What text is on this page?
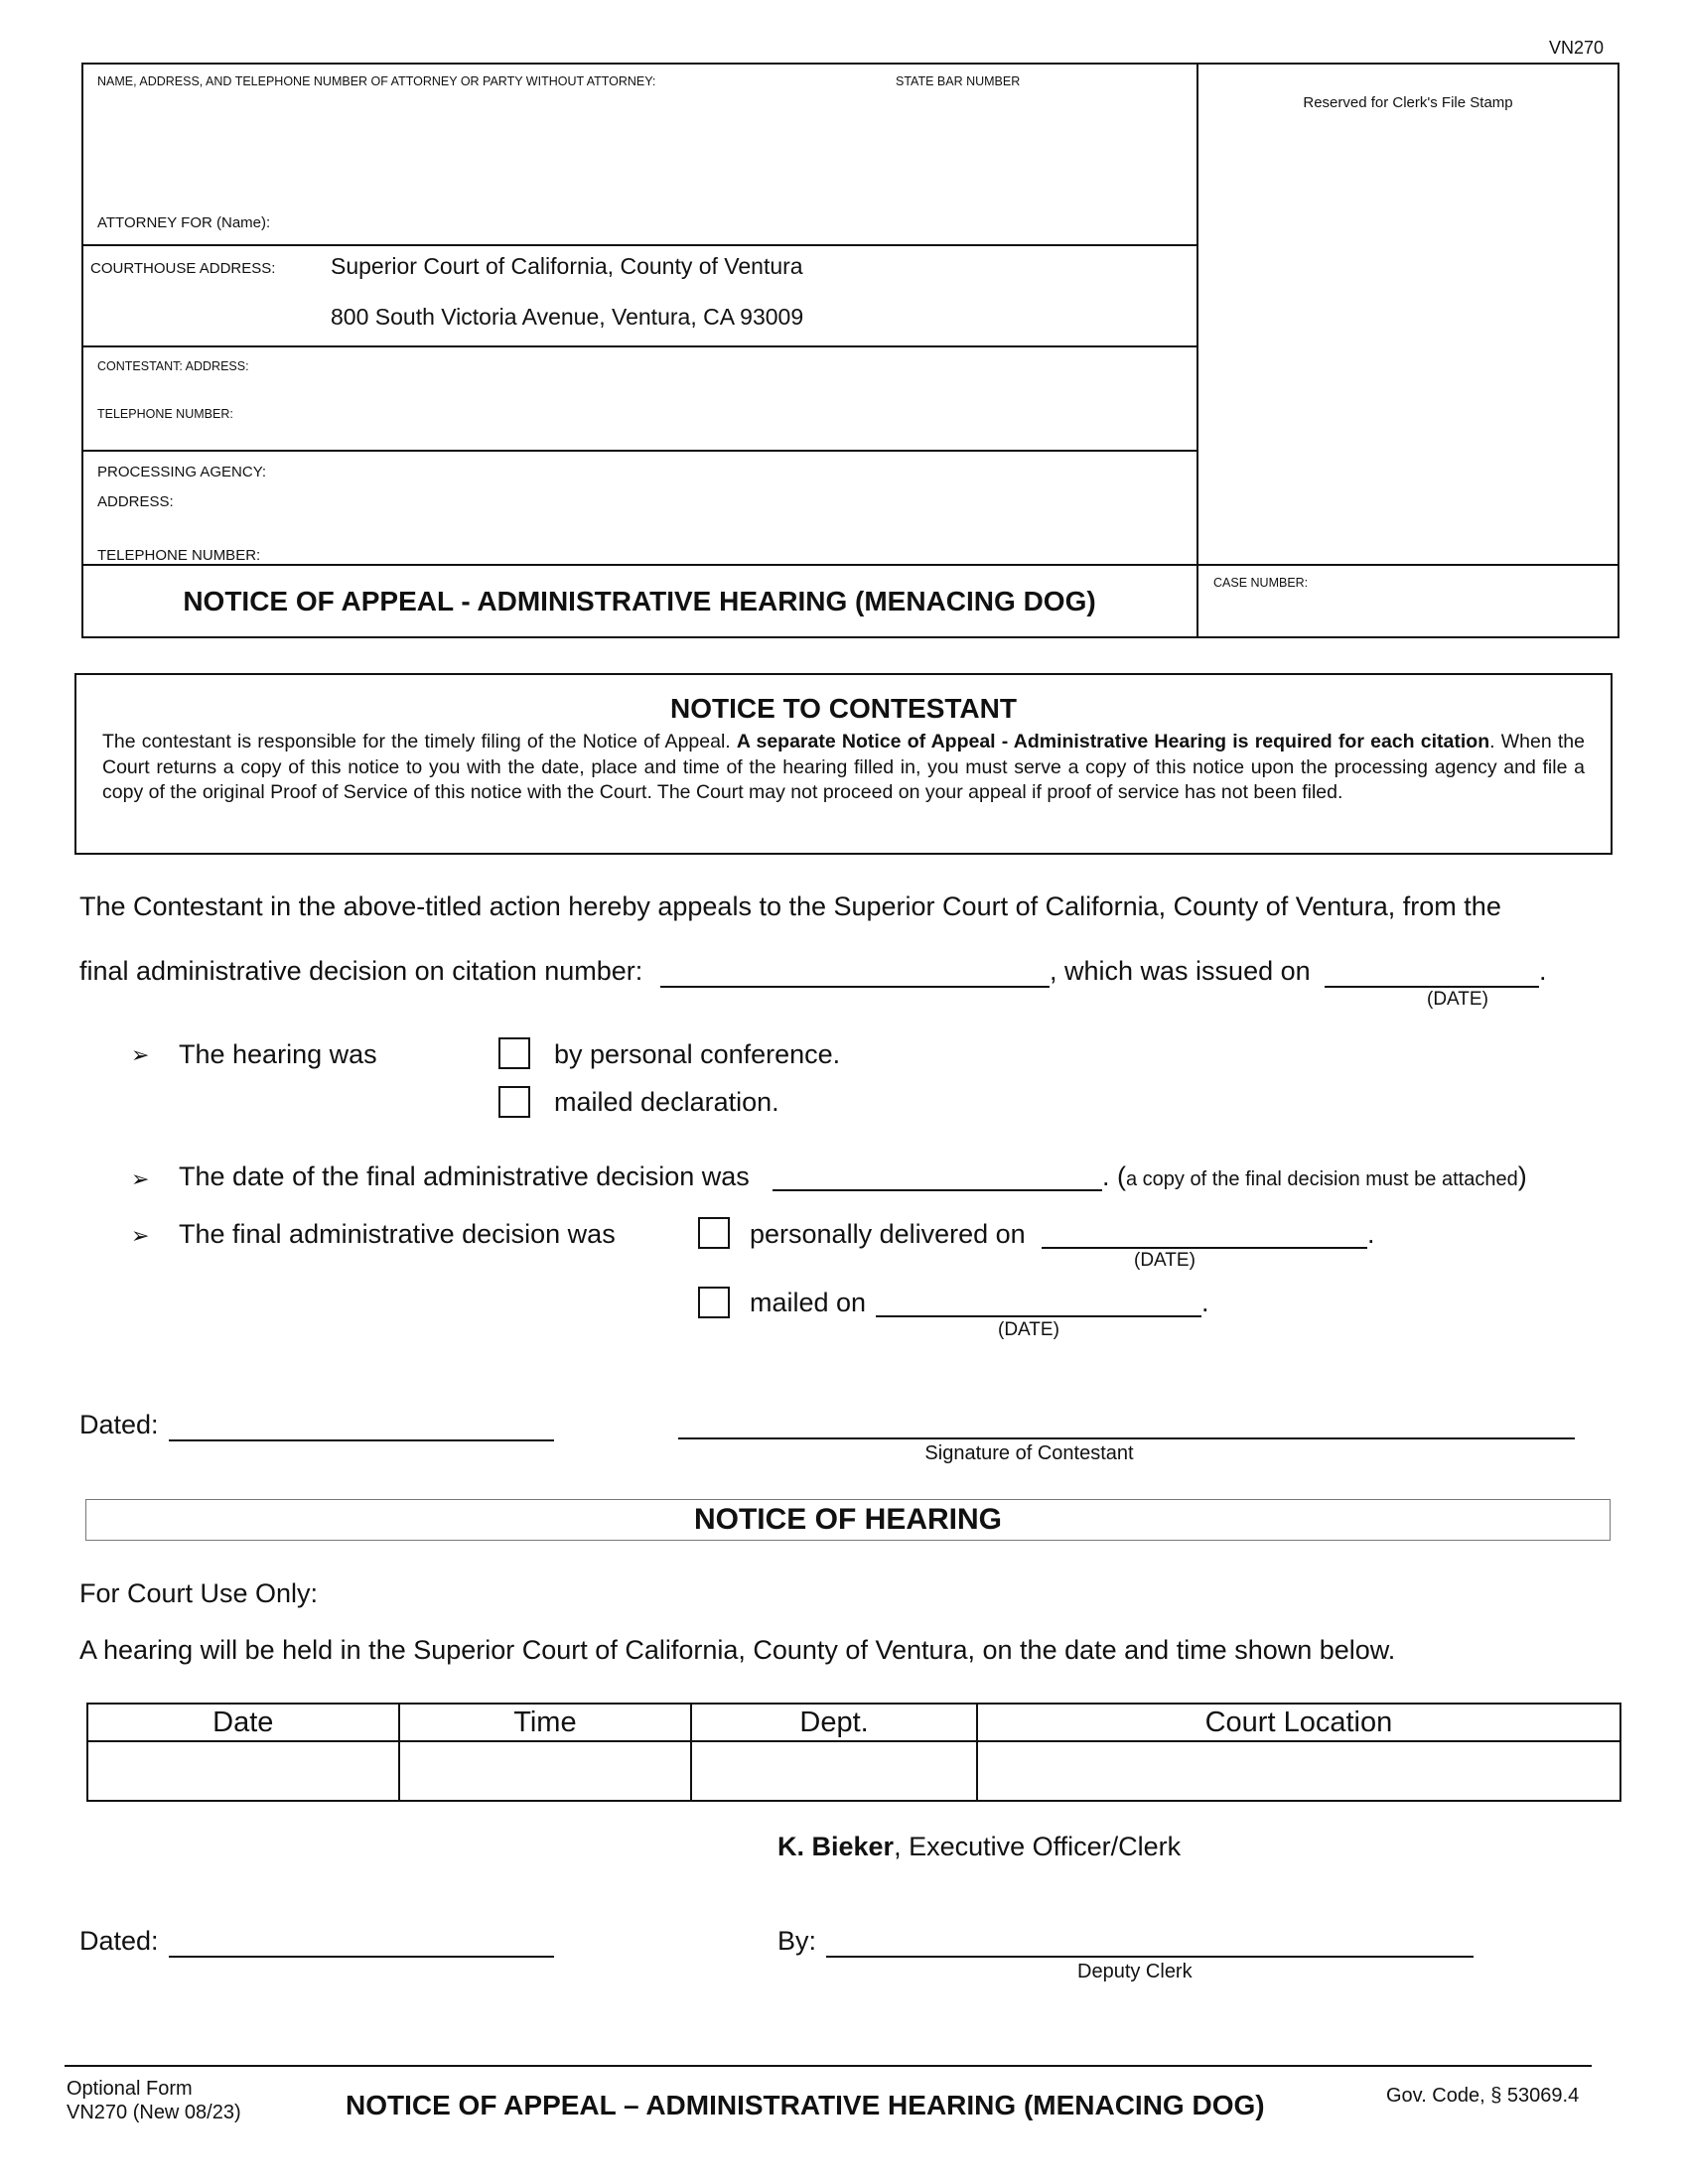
VN270
NAME, ADDRESS, AND TELEPHONE NUMBER OF ATTORNEY OR PARTY WITHOUT ATTORNEY:	STATE BAR NUMBER
Reserved for Clerk's File Stamp
ATTORNEY FOR (Name):
COURTHOUSE ADDRESS: Superior Court of California, County of Ventura
800 South Victoria Avenue, Ventura, CA 93009
CONTESTANT: ADDRESS:
TELEPHONE NUMBER:
PROCESSING AGENCY:
ADDRESS:
TELEPHONE NUMBER:
NOTICE OF APPEAL - ADMINISTRATIVE HEARING (MENACING DOG)
CASE NUMBER:
NOTICE TO CONTESTANT
The contestant is responsible for the timely filing of the Notice of Appeal. A separate Notice of Appeal - Administrative Hearing is required for each citation. When the Court returns a copy of this notice to you with the date, place and time of the hearing filled in, you must serve a copy of this notice upon the processing agency and file a copy of the original Proof of Service of this notice with the Court. The Court may not proceed on your appeal if proof of service has not been filed.
The Contestant in the above-titled action hereby appeals to the Superior Court of California, County of Ventura, from the
final administrative decision on citation number:	, which was issued on	.
(DATE)
➢ The hearing was	by personal conference.
mailed declaration.
➢ The date of the final administrative decision was	. (a copy of the final decision must be attached)
➢ The final administrative decision was	personally delivered on	.
(DATE)
mailed on	.
(DATE)
Dated:
Signature of Contestant
NOTICE OF HEARING
For Court Use Only:
A hearing will be held in the Superior Court of California, County of Ventura, on the date and time shown below.
Date	Time	Dept.	Court Location

K. Bieker, Executive Officer/Clerk
Dated:	By:
Deputy Clerk
Optional Form
VN270 (New 08/23)	NOTICE OF APPEAL – ADMINISTRATIVE HEARING (MENACING DOG)	Gov. Code, § 53069.4
